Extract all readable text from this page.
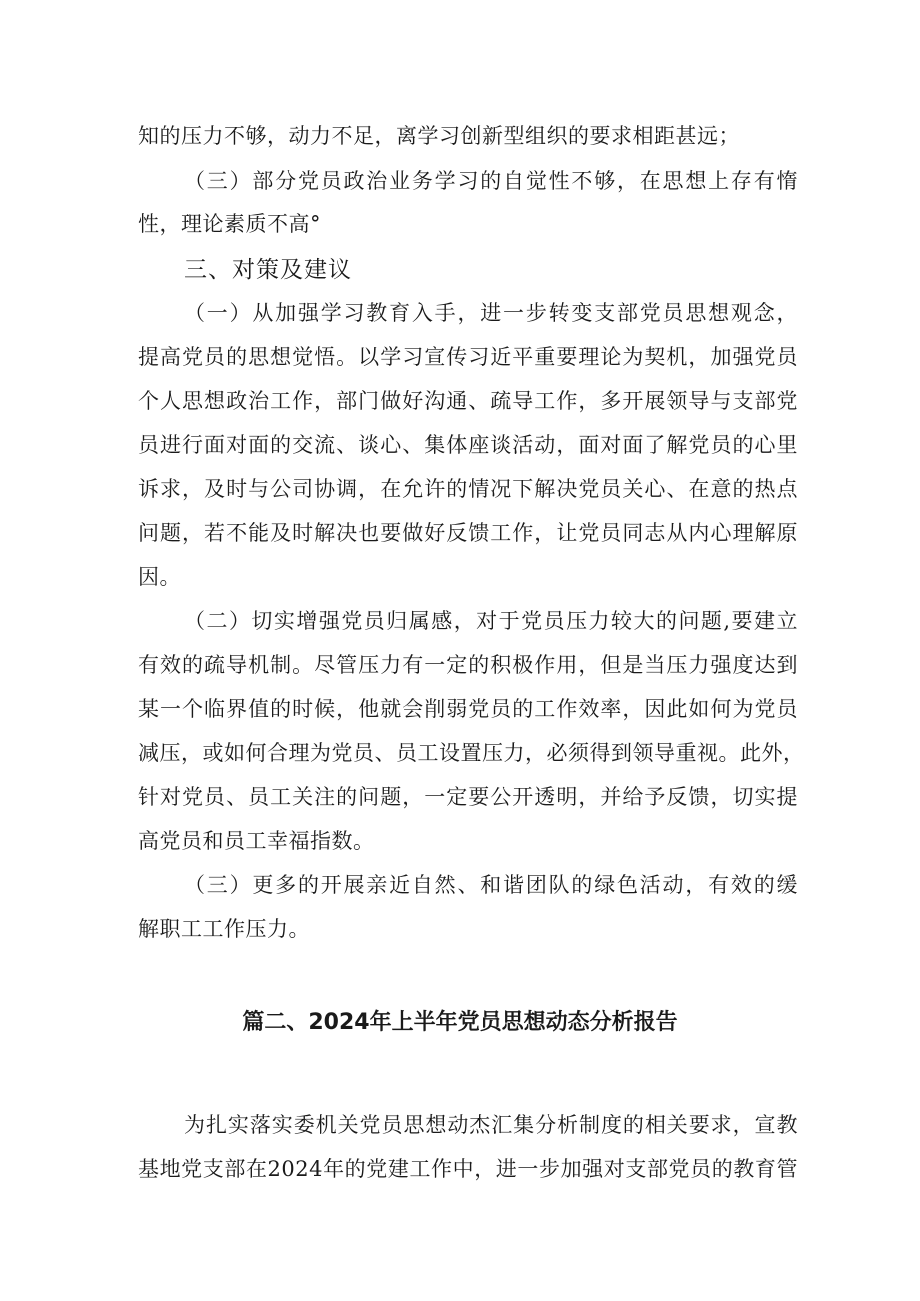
知的压力不够，动力不足，离学习创新型组织的要求相距甚远；
（三）部分党员政治业务学习的自觉性不够，在思想上存有惰
性，理论素质不高°
三、对策及建议
（一）从加强学习教育入手，进一步转变支部党员思想观念，
提高党员的思想觉悟。以学习宣传习近平重要理论为契机，加强党员
个人思想政治工作，部门做好沟通、疏导工作，多开展领导与支部党
员进行面对面的交流、谈心、集体座谈活动，面对面了解党员的心里
诉求，及时与公司协调，在允许的情况下解决党员关心、在意的热点
问题，若不能及时解决也要做好反馈工作，让党员同志从内心理解原
因。
（二）切实增强党员归属感，对于党员压力较大的问题,要建立
有效的疏导机制。尽管压力有一定的积极作用，但是当压力强度达到
某一个临界值的时候，他就会削弱党员的工作效率，因此如何为党员
减压，或如何合理为党员、员工设置压力，必须得到领导重视。此外，
针对党员、员工关注的问题，一定要公开透明，并给予反馈，切实提
高党员和员工幸福指数。
（三）更多的开展亲近自然、和谐团队的绿色活动，有效的缓
解职工工作压力。
篇二、2024年上半年党员思想动态分析报告
为扎实落实委机关党员思想动杰汇集分析制度的相关要求，宣教
基地党支部在2024年的党建工作中，进一步加强对支部党员的教育管
